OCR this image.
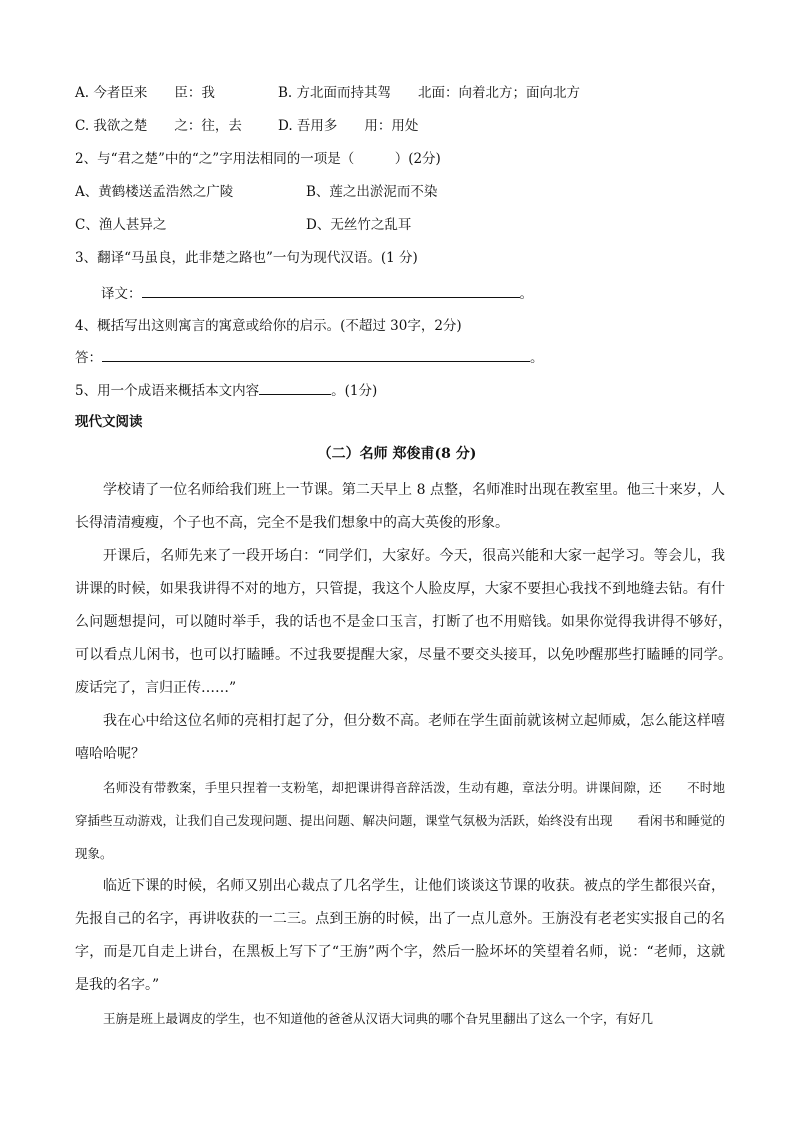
A. 今者臣来　　臣：我	B. 方北面而持其驾　　北面：向着北方；面向北方
C. 我欲之楚　　之：往，去	D. 吾用多　　用：用处
2、与“君之楚”中的“之”字用法相同的一项是（　　　）(2分)
A、黄鹤楼送孟浩然之广陵	B、莲之出淤泥而不染
C、渔人甚异之	D、无丝竹之乱耳
3、翻译“马虽良，此非楚之路也”一句为现代汉语。(1 分)
译文：	。
4、概括写出这则寓言的寓意或给你的启示。(不超过 30字，2分)
答：	。
5、用一个成语来概括本文内容	。(1分)
现代文阅读
（二）名师 郑俊甫(8 分)
学校请了一位名师给我们班上一节课。第二天早上 8 点整，名师准时出现在教室里。他三十来岁，人长得清清瘦瘦，个子也不高，完全不是我们想象中的高大英俊的形象。
开课后，名师先来了一段开场白：“同学们，大家好。今天，很高兴能和大家一起学习。等会儿，我讲课的时候，如果我讲得不对的地方，只管提，我这个人脸皮厚，大家不要担心我找不到地缝去钻。有什么问题想提问，可以随时举手，我的话也不是金口玉言，打断了也不用赔钱。如果你觉得我讲得不够好，　　可以看点儿闲书，也可以打瞌睡。不过我要提醒大家，尽量不要交头接耳，以免吵醒那些打瞌睡的同学。　废话完了，言归正传……”
我在心中给这位名师的亮相打起了分，但分数不高。老师在学生面前就该树立起师威，怎么能这样嘻嘻哈哈呢？
名师没有带教案，手里只捏着一支粉笔，却把课讲得音辞活泼，生动有趣，章法分明。讲课间隙，还　　不时地穿插些互动游戏，让我们自己发现问题、提出问题、解决问题，课堂气氛极为活跃，始终没有出现　　看闲书和睡觉的现象。
临近下课的时候，名师又别出心裁点了几名学生，让他们谈谈这节课的收获。被点的学生都很兴奋，先报自己的名字，再讲收获的一二三。点到王旃的时候，出了一点儿意外。王旃没有老老实实报自己的名字，而是兀自走上讲台，在黑板上写下了“王旃”两个字，然后一脸坏坏的笑望着名师，说：“老师，这就是我的名字。”
王旃是班上最调皮的学生，也不知道他的爸爸从汉语大词典的哪个旮旯里翻出了这么一个字，有好几
